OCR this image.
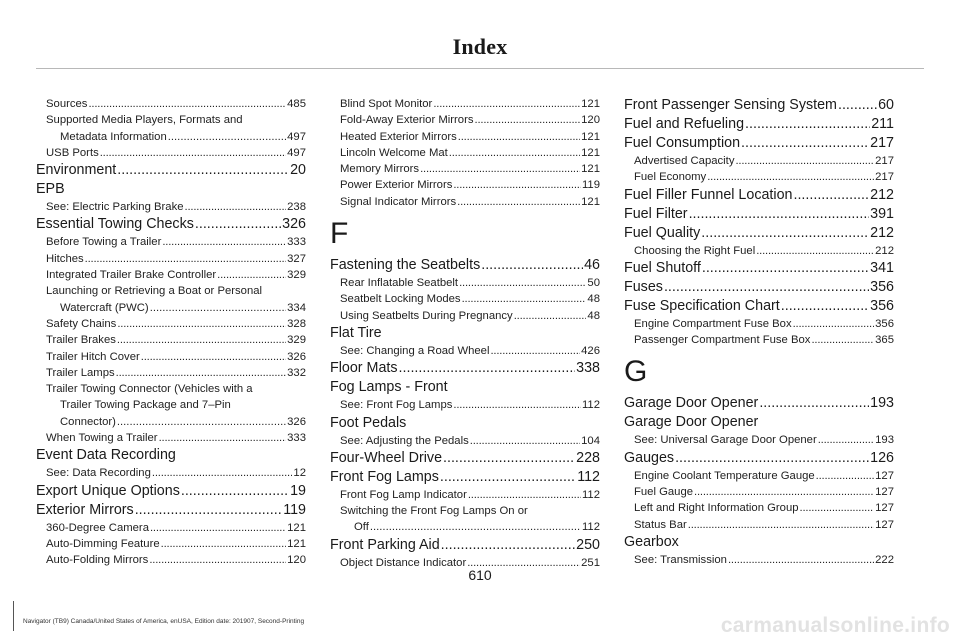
Index
Sources .....	485
Supported Media Players, Formats and
Metadata Information .....	497
USB Ports .....	497
Environment .....	20
EPB
See: Electric Parking Brake .....	238
Essential Towing Checks .....	326
Before Towing a Trailer .....	333
Hitches .....	327
Integrated Trailer Brake Controller .....	329
Launching or Retrieving a Boat or Personal
Watercraft (PWC) .....	334
Safety Chains .....	328
Trailer Brakes .....	329
Trailer Hitch Cover .....	326
Trailer Lamps .....	332
Trailer Towing Connector (Vehicles with a
Trailer Towing Package and 7–Pin
Connector) .....	326
When Towing a Trailer .....	333
Event Data Recording
See: Data Recording .....	12
Export Unique Options .....	19
Exterior Mirrors .....	119
360-Degree Camera .....	121
Auto-Dimming Feature .....	121
Auto-Folding Mirrors .....	120
Blind Spot Monitor .....	121
Fold-Away Exterior Mirrors .....	120
Heated Exterior Mirrors .....	121
Lincoln Welcome Mat .....	121
Memory Mirrors .....	121
Power Exterior Mirrors .....	119
Signal Indicator Mirrors .....	121
F
Fastening the Seatbelts .....	46
Rear Inflatable Seatbelt .....	50
Seatbelt Locking Modes .....	48
Using Seatbelts During Pregnancy .....	48
Flat Tire
See: Changing a Road Wheel .....	426
Floor Mats .....	338
Fog Lamps - Front
See: Front Fog Lamps .....	112
Foot Pedals
See: Adjusting the Pedals .....	104
Four-Wheel Drive .....	228
Front Fog Lamps .....	112
Front Fog Lamp Indicator .....	112
Switching the Front Fog Lamps On or
Off .....	112
Front Parking Aid .....	250
Object Distance Indicator .....	251
Front Passenger Sensing System .....	60
Fuel and Refueling .....	211
Fuel Consumption .....	217
Advertised Capacity .....	217
Fuel Economy .....	217
Fuel Filler Funnel Location .....	212
Fuel Filter .....	391
Fuel Quality .....	212
Choosing the Right Fuel .....	212
Fuel Shutoff .....	341
Fuses .....	356
Fuse Specification Chart .....	356
Engine Compartment Fuse Box .....	356
Passenger Compartment Fuse Box .....	365
G
Garage Door Opener .....	193
Garage Door Opener
See: Universal Garage Door Opener .....	193
Gauges .....	126
Engine Coolant Temperature Gauge .....	127
Fuel Gauge .....	127
Left and Right Information Group .....	127
Status Bar .....	127
Gearbox
See: Transmission .....	222
610
Navigator (TB9) Canada/United States of America, enUSA, Edition date: 201907, Second-Printing	carmanualsonline.info
